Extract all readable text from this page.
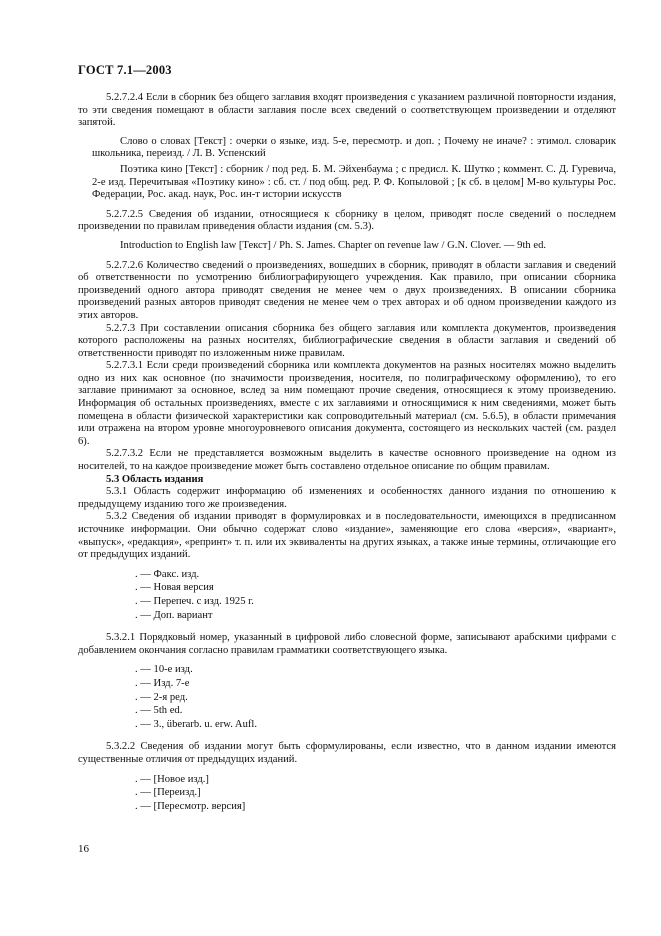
ГОСТ 7.1—2003

5.2.7.2.4 Если в сборник без общего заглавия входят произведения с указанием различной повторности издания, то эти сведения помещают в области заглавия после всех сведений о соответствующем произведении и отделяют запятой.

Слово о словах [Текст] : очерки о языке, изд. 5-е, пересмотр. и доп. ; Почему не иначе? : этимол. словарик школьника, переизд. / Л. В. Успенский

Поэтика кино [Текст] : сборник / под ред. Б. М. Эйхенбаума ; с предисл. К. Шутко ; коммент. С. Д. Гуревича, 2-е изд. Перечитывая «Поэтику кино» : сб. ст. / под общ. ред. Р. Ф. Копыловой ; [к сб. в целом] М-во культуры Рос. Федерации, Рос. акад. наук, Рос. ин-т истории искусств

5.2.7.2.5 Сведения об издании, относящиеся к сборнику в целом, приводят после сведений о последнем произведении по правилам приведения области издания (см. 5.3).

Introduction to English law [Текст] / Ph. S. James. Chapter on revenue law / G.N. Clover. — 9th ed.

5.2.7.2.6 Количество сведений о произведениях, вошедших в сборник, приводят в области заглавия и сведений об ответственности по усмотрению библиографирующего учреждения. Как правило, при описании сборника произведений одного автора приводят сведения не менее чем о двух произведениях. В описании сборника произведений разных авторов приводят сведения не менее чем о трех авторах и об одном произведении каждого из этих авторов.

5.2.7.3 При составлении описания сборника без общего заглавия или комплекта документов, произведения которого расположены на разных носителях, библиографические сведения в области заглавия и сведений об ответственности приводят по изложенным ниже правилам.

5.2.7.3.1 Если среди произведений сборника или комплекта документов на разных носителях можно выделить одно из них как основное (по значимости произведения, носителя, по полиграфическому оформлению), то его заглавие принимают за основное, вслед за ним помещают прочие сведения, относящиеся к этому произведению. Информация об остальных произведениях, вместе с их заглавиями и относящимися к ним сведениями, может быть помещена в области физической характеристики как сопроводительный материал (см. 5.6.5), в области примечания или отражена на втором уровне многоуровневого описания документа, состоящего из нескольких частей (см. раздел 6).

5.2.7.3.2 Если не представляется возможным выделить в качестве основного произведение на одном из носителей, то на каждое произведение может быть составлено отдельное описание по общим правилам.

5.3 Область издания

5.3.1 Область содержит информацию об изменениях и особенностях данного издания по отношению к предыдущему изданию того же произведения.

5.3.2 Сведения об издании приводят в формулировках и в последовательности, имеющихся в предписанном источнике информации. Они обычно содержат слово «издание», заменяющие его слова «версия», «вариант», «выпуск», «редакция», «репринт» т. п. или их эквиваленты на других языках, а также иные термины, отличающие его от предыдущих изданий.

. — Факс. изд.
. — Новая версия
. — Перепеч. с изд. 1925 г.
. — Доп. вариант

5.3.2.1 Порядковый номер, указанный в цифровой либо словесной форме, записывают арабскими цифрами с добавлением окончания согласно правилам грамматики соответствующего языка.

. — 10-е изд.
. — Изд. 7-е
. — 2-я ред.
. — 5th ed.
. — 3., überarb. u. erw. Aufl.

5.3.2.2 Сведения об издании могут быть сформулированы, если известно, что в данном издании имеются существенные отличия от предыдущих изданий.

. — [Новое изд.]
. — [Переизд.]
. — [Пересмотр. версия]
16
